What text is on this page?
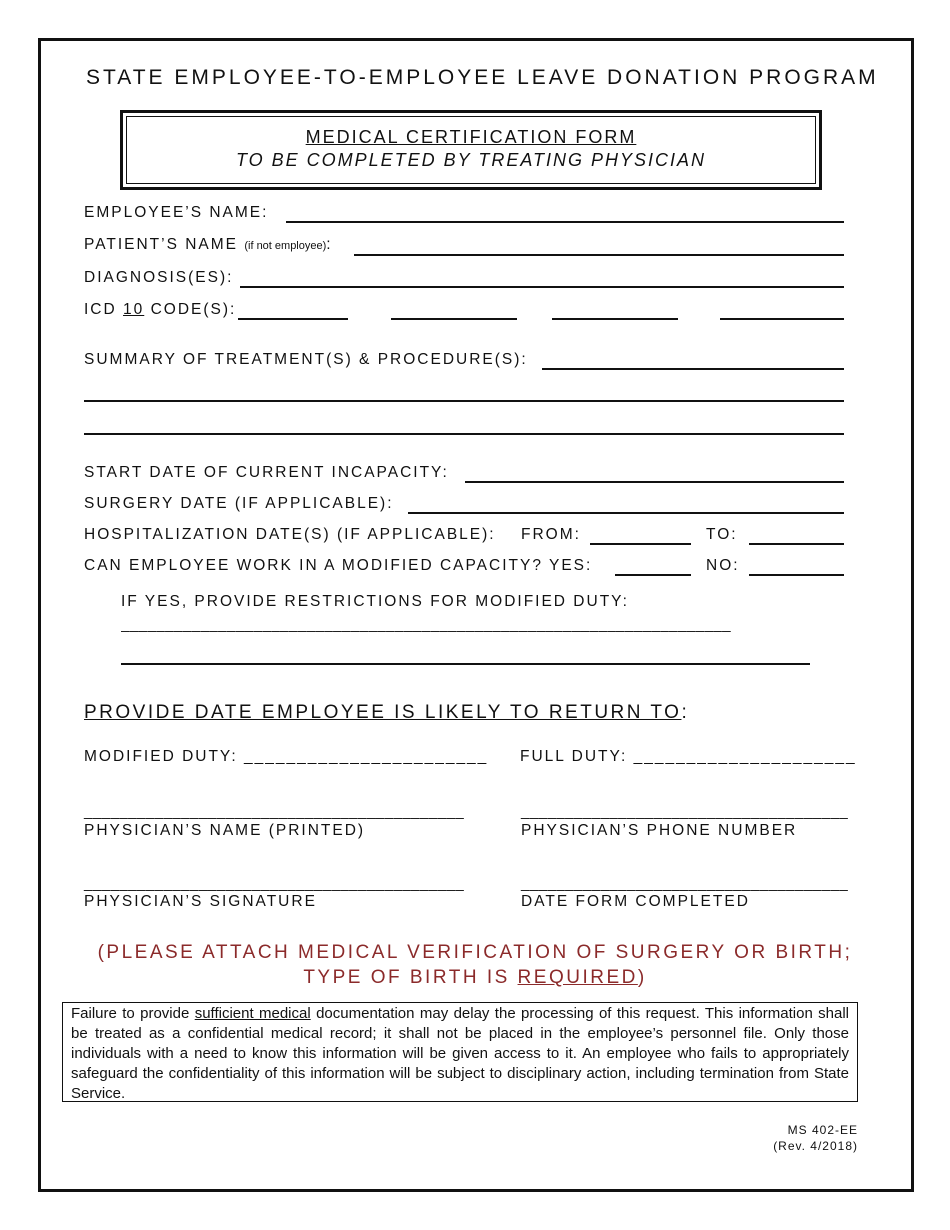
STATE EMPLOYEE-TO-EMPLOYEE LEAVE DONATION PROGRAM
MEDICAL CERTIFICATION FORM
TO BE COMPLETED BY TREATING PHYSICIAN
EMPLOYEE’S NAME:
PATIENT’S NAME (if not employee):
DIAGNOSIS(ES):
ICD 10 CODE(S):
SUMMARY OF TREATMENT(S) & PROCEDURE(S):
START DATE OF CURRENT INCAPACITY:
SURGERY DATE (IF APPLICABLE):
HOSPITALIZATION DATE(S) (IF APPLICABLE): FROM:	TO:
CAN EMPLOYEE WORK IN A MODIFIED CAPACITY? YES:	NO:
IF YES, PROVIDE RESTRICTIONS FOR MODIFIED DUTY:
_____________________________________________________________________
PROVIDE DATE EMPLOYEE IS LIKELY TO RETURN TO:
MODIFIED DUTY: _______________________ FULL DUTY: _____________________
___________________________________________	_____________________________________
PHYSICIAN’S NAME (PRINTED)	PHYSICIAN’S PHONE NUMBER
___________________________________________	_____________________________________
PHYSICIAN’S SIGNATURE	DATE FORM COMPLETED
(PLEASE ATTACH MEDICAL VERIFICATION OF SURGERY OR BIRTH;
TYPE OF BIRTH IS REQUIRED)
Failure to provide sufficient medical documentation may delay the processing of this request. This information shall be treated as a confidential medical record; it shall not be placed in the employee’s personnel file. Only those individuals with a need to know this information will be given access to it. An employee who fails to appropriately safeguard the confidentiality of this information will be subject to disciplinary action, including termination from State Service.
MS 402-EE
(Rev. 4/2018)
